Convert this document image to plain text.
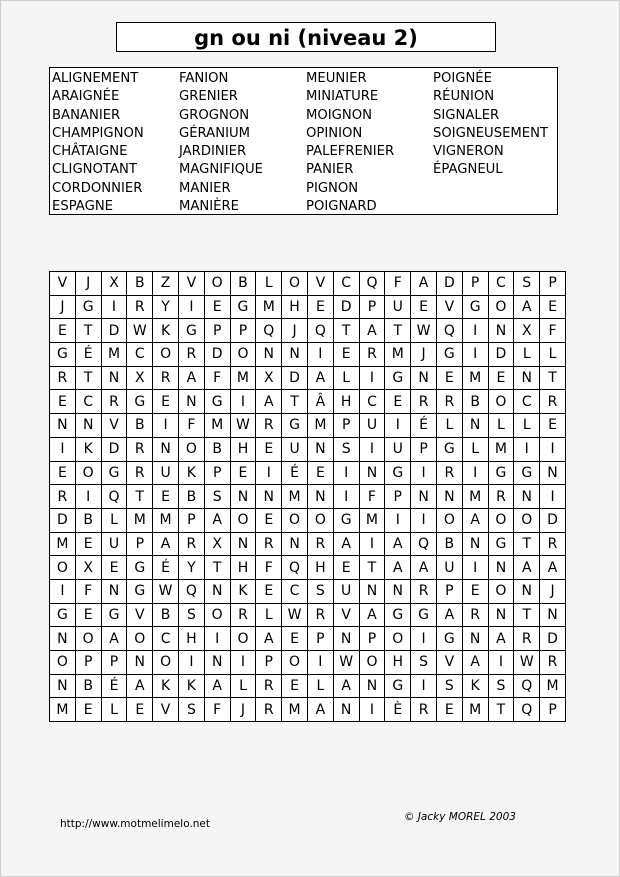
gn ou ni (niveau 2)
ALIGNEMENT
ARAIGNÉE
BANANIER
CHAMPIGNON
CHÂTAIGNE
CLIGNOTANT
CORDONNIER
ESPAGNE
FANION
GRENIER
GROGNON
GÉRANIUM
JARDINIER
MAGNIFIQUE
MANIER
MANIÈRE
MEUNIER
MINIATURE
MOIGNON
OPINION
PALEFRENIER
PANIER
PIGNON
POIGNARD
POIGNÉE
RÉUNION
SIGNALER
SOIGNEUSEMENT
VIGNERON
ÉPAGNEUL
V	J	X	B	Z	V	O	B	L	O	V	C	Q	F	A	D	P	C	S	P
J	G	I	R	Y	I	E	G	M	H	E	D	P	U	E	V	G	O	A	E
E	T	D	W	K	G	P	P	Q	J	Q	T	A	T	W	Q	I	N	X	F
G	É	M	C	O	R	D	O	N	N	I	E	R	M	J	G	I	D	L	L
R	T	N	X	R	A	F	M	X	D	A	L	I	G	N	E	M	E	N	T
E	C	R	G	E	N	G	I	A	T	Â	H	C	E	R	R	B	O	C	R
N	N	V	B	I	F	M	W	R	G	M	P	U	I	É	L	N	L	L	E
I	K	D	R	N	O	B	H	E	U	N	S	I	U	P	G	L	M	I	I
E	O	G	R	U	K	P	E	I	É	E	I	N	G	I	R	I	G	G	N
R	I	Q	T	E	B	S	N	N	M	N	I	F	P	N	N	M	R	N	I
D	B	L	M	M	P	A	O	E	O	O	G	M	I	I	O	A	O	O	D
M	E	U	P	A	R	X	N	R	N	R	A	I	A	Q	B	N	G	T	R
O	X	E	G	É	Y	T	H	F	Q	H	E	T	A	A	U	I	N	A	A
I	F	N	G	W	Q	N	K	E	C	S	U	N	N	R	P	E	O	N	J
G	E	G	V	B	S	O	R	L	W	R	V	A	G	G	A	R	N	T	N
N	O	A	O	C	H	I	O	A	E	P	N	P	O	I	G	N	A	R	D
O	P	P	N	O	I	N	I	P	O	I	W	O	H	S	V	A	I	W	R
N	B	É	A	K	K	A	L	R	E	L	A	N	G	I	S	K	S	Q	M
M	E	L	E	V	S	F	J	R	M	A	N	I	È	R	E	M	T	Q	P
http://www.motmelimelo.net
© Jacky MOREL 2003
